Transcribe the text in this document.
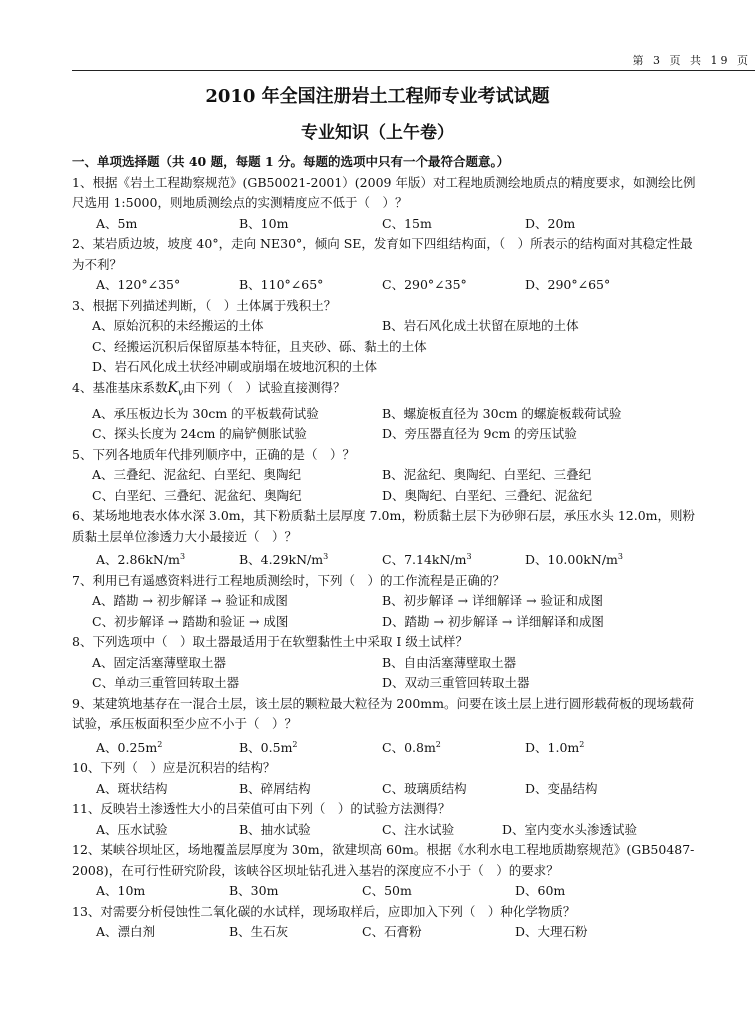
第 3 页 共 19 页
2010 年全国注册岩土工程师专业考试试题
专业知识（上午卷）
一、单项选择题（共 40 题，每题 1 分。每题的选项中只有一个最符合题意。）
1、根据《岩土工程勘察规范》(GB50021-2001）(2009 年版）对工程地质测绘地质点的精度要求，如测绘比例尺选用 1:5000，则地质测绘点的实测精度应不低于（　）？
A、5m	B、10m	C、15m	D、20m
2、某岩质边坡，坡度 40°，走向 NE30°，倾向 SE，发育如下四组结构面，（　）所表示的结构面对其稳定性最为不利？
A、120°∠35°	B、110°∠65°	C、290°∠35°	D、290°∠65°
3、根据下列描述判断，（　）土体属于残积土？
A、原始沉积的未经搬运的土体	B、岩石风化成土状留在原地的土体
C、经搬运沉积后保留原基本特征，且夹砂、砾、黏土的土体
D、岩石风化成土状经冲刷或崩塌在坡地沉积的土体
4、基准基床系数$K_v$由下列（　）试验直接测得？
A、承压板边长为 30cm 的平板载荷试验	B、螺旋板直径为 30cm 的螺旋板载荷试验
C、探头长度为 24cm 的扁铲侧胀试验	D、旁压器直径为 9cm 的旁压试验
5、下列各地质年代排列顺序中，正确的是（　）？
A、三叠纪、泥盆纪、白垩纪、奥陶纪	B、泥盆纪、奥陶纪、白垩纪、三叠纪
C、白垩纪、三叠纪、泥盆纪、奥陶纪	D、奥陶纪、白垩纪、三叠纪、泥盆纪
6、某场地地表水体水深 3.0m，其下粉质黏土层厚度 7.0m，粉质黏土层下为砂卵石层，承压水头 12.0m，则粉质黏土层单位渗透力大小最接近（　）？
A、$2.86kN/m^3$	B、$4.29kN/m^3$	C、$7.14kN/m^3$	D、$10.00kN/m^3$
7、利用已有遥感资料进行工程地质测绘时，下列（　）的工作流程是正确的？
A、踏勘 → 初步解译 → 验证和成图	B、初步解译 → 详细解译 → 验证和成图
C、初步解译 → 踏勘和验证 → 成图	D、踏勘 → 初步解译 → 详细解译和成图
8、下列选项中（　）取土器最适用于在软塑黏性土中采取 I 级土试样？
A、固定活塞薄壁取土器	B、自由活塞薄壁取土器
C、单动三重管回转取土器	D、双动三重管回转取土器
9、某建筑地基存在一混合土层，该土层的颗粒最大粒径为 200mm。问要在该土层上进行圆形载荷板的现场载荷试验，承压板面积至少应不小于（　）？
A、$0.25m^2$	B、$0.5m^2$	C、$0.8m^2$	D、$1.0m^2$
10、下列（　）应是沉积岩的结构？
A、斑状结构	B、碎屑结构	C、玻璃质结构	D、变晶结构
11、反映岩土渗透性大小的吕荣值可由下列（　）的试验方法测得？
A、压水试验	B、抽水试验	C、注水试验	D、室内变水头渗透试验
12、某峡谷坝址区，场地覆盖层厚度为 30m，欲建坝高 60m。根据《水利水电工程地质勘察规范》(GB50487-2008)，在可行性研究阶段，该峡谷区坝址钻孔进入基岩的深度应不小于（　）的要求？
A、10m	B、30m	C、50m	D、60m
13、对需要分析侵蚀性二氧化碳的水试样，现场取样后，应即加入下列（　）种化学物质？
A、漂白剂	B、生石灰	C、石膏粉	D、大理石粉
